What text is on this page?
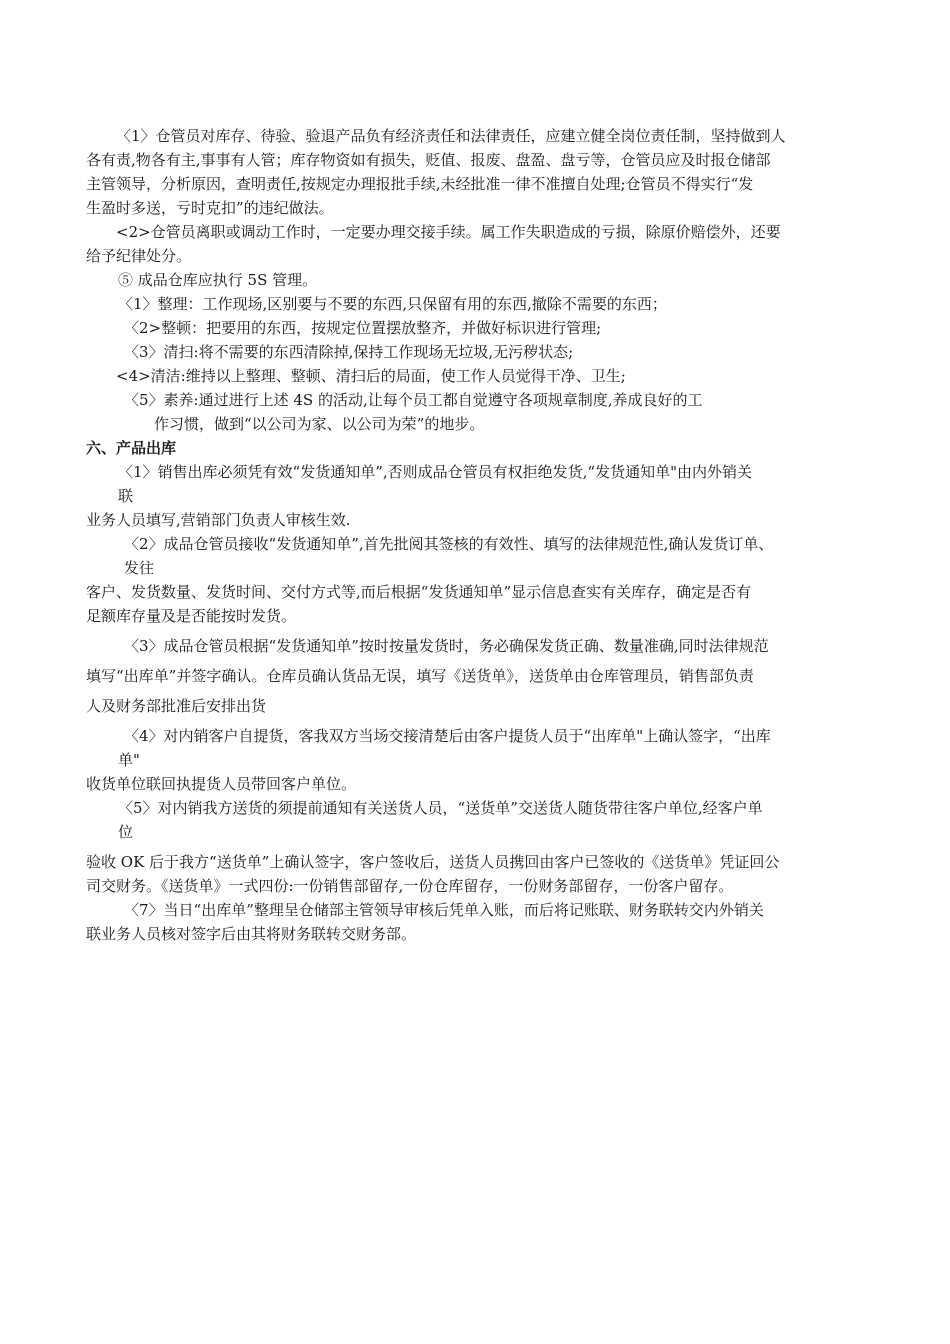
〈1〉仓管员对库存、待验、验退产品负有经济责任和法律责任，应建立健全岗位责任制，坚持做到人
各有责,物各有主,事事有人管；库存物资如有损失，贬值、报废、盘盈、盘亏等，仓管员应及时报仓储部
主管领导，分析原因，查明责任,按规定办理报批手续,未经批准一律不准擅自处理;仓管员不得实行“发
生盈时多送，亏时克扣”的违纪做法。
<2>仓管员离职或调动工作时，一定要办理交接手续。属工作失职造成的亏损，除原价赔偿外，还要
给予纪律处分。
⑤ 成品仓库应执行 5S 管理。
〈1〉整理：工作现场,区别要与不要的东西,只保留有用的东西,撤除不需要的东西；
〈2>整顿：把要用的东西，按规定位置摆放整齐，并做好标识进行管理;
〈3〉清扫:将不需要的东西清除掉,保持工作现场无垃圾,无污秽状态;
<4>清洁:维持以上整理、整顿、清扫后的局面，使工作人员觉得干净、卫生;
〈5〉素养:通过进行上述 4S 的活动,让每个员工都自觉遵守各项规章制度,养成良好的工
作习惯，做到“以公司为家、以公司为荣”的地步。
六、产品出库
〈1〉销售出库必须凭有效“发货通知单”,否则成品仓管员有权拒绝发货,“发货通知单"由内外销关
联
业务人员填写,营销部门负责人审核生效.
〈2〉成品仓管员接收“发货通知单”,首先批阅其签核的有效性、填写的法律规范性,确认发货订单、
发往
客户、发货数量、发货时间、交付方式等,而后根据“发货通知单”显示信息查实有关库存，确定是否有
足额库存量及是否能按时发货。
〈3〉成品仓管员根据“发货通知单”按时按量发货时，务必确保发货正确、数量准确,同时法律规范
填写“出库单”并签字确认。仓库员确认货品无误，填写《送货单》，送货单由仓库管理员，销售部负责
人及财务部批准后安排出货
〈4〉对内销客户自提货，客我双方当场交接清楚后由客户提货人员于“出库单"上确认签字，“出库
单"
收货单位联回执提货人员带回客户单位。
〈5〉对内销我方送货的须提前通知有关送货人员，“送货单”交送货人随货带往客户单位,经客户单
位
验收 OK 后于我方“送货单”上确认签字，客户签收后，送货人员携回由客户已签收的《送货单》凭证回公
司交财务。《送货单》一式四份:一份销售部留存,一份仓库留存，一份财务部留存，一份客户留存。
〈7〉当日“出库单”整理呈仓储部主管领导审核后凭单入账，而后将记账联、财务联转交内外销关
联业务人员核对签字后由其将财务联转交财务部。
